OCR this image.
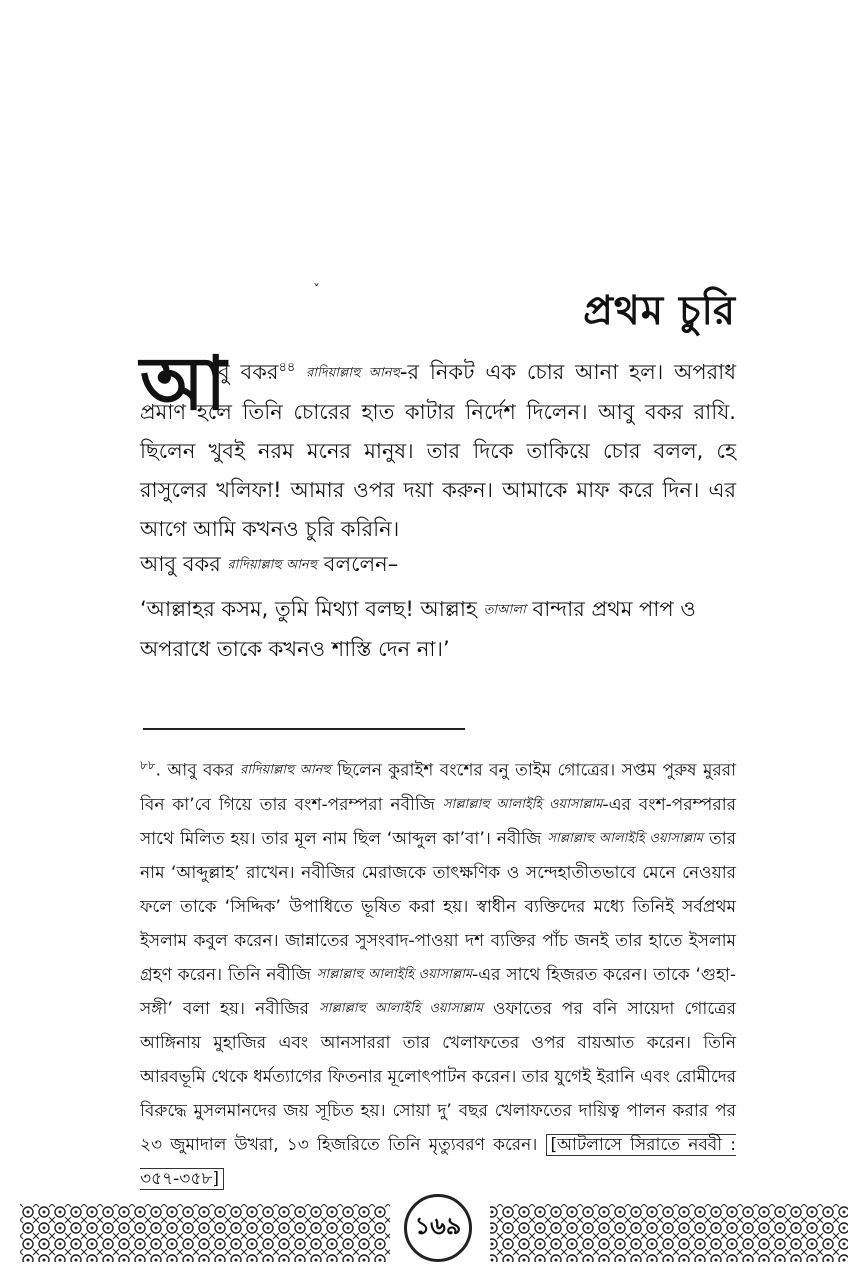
প্রথম চুরি
ˇ
আ

বু বকর$^{৪৪}$ রাদিয়াল্লাহু আনহু-র নিকট এক চোর আনা হল। অপরাধ প্রমাণ হলে তিনি চোরের হাত কাটার নির্দেশ দিলেন। আবু বকর রাযি. ছিলেন খুবই নরম মনের মানুষ। তার দিকে তাকিয়ে চোর বলল, হে রাসুলের খলিফা! আমার ওপর দয়া করুন। আমাকে মাফ করে দিন। এর আগে আমি কখনও চুরি করিনি।

আবু বকর রাদিয়াল্লাহু আনহু বললেন–

‘আল্লাহর কসম, তুমি মিথ্যা বলছ! আল্লাহ তাআলা বান্দার প্রথম পাপ ও অপরাধে তাকে কখনও শাস্তি দেন না।’

$^{৮৮}$. আবু বকর রাদিয়াল্লাহু আনহু ছিলেন কুরাইশ বংশের বনু তাইম গোত্রের। সপ্তম পুরুষ মুররা বিন কা’বে গিয়ে তার বংশ-পরম্পরা নবীজি সাল্লাল্লাহু আলাইহি ওয়াসাল্লাম-এর বংশ-পরম্পরার সাথে মিলিত হয়। তার মূল নাম ছিল ‘আব্দুল কা’বা’। নবীজি সাল্লাল্লাহু আলাইহি ওয়াসাল্লাম তার নাম ‘আব্দুল্লাহ’ রাখেন। নবীজির মেরাজকে তাৎক্ষণিক ও সন্দেহাতীতভাবে মেনে নেওয়ার ফলে তাকে ‘সিদ্দিক’ উপাধিতে ভূষিত করা হয়। স্বাধীন ব্যক্তিদের মধ্যে তিনিই সর্বপ্রথম ইসলাম কবুল করেন। জান্নাতের সুসংবাদ-পাওয়া দশ ব্যক্তির পাঁচ জনই তার হাতে ইসলাম গ্রহণ করেন। তিনি নবীজি সাল্লাল্লাহু আলাইহি ওয়াসাল্লাম-এর সাথে হিজরত করেন। তাকে ‘গুহা-সঙ্গী’ বলা হয়। নবীজির সাল্লাল্লাহু আলাইহি ওয়াসাল্লাম ওফাতের পর বনি সায়েদা গোত্রের আঙ্গিনায় মুহাজির এবং আনসাররা তার খেলাফতের ওপর বায়আত করেন। তিনি আরবভূমি থেকে ধর্মত্যাগের ফিতনার মূলোৎপাটন করেন। তার যুগেই ইরানি এবং রোমীদের বিরুদ্ধে মুসলমানদের জয় সূচিত হয়। সোয়া দু’ বছর খেলাফতের দায়িত্ব পালন করার পর ২৩ জুমাদাল উখরা, ১৩ হিজরিতে তিনি মৃত্যুবরণ করেন। [আটলাসে সিরাতে নববী : ৩৫৭-৩৫৮]

১৬৯
